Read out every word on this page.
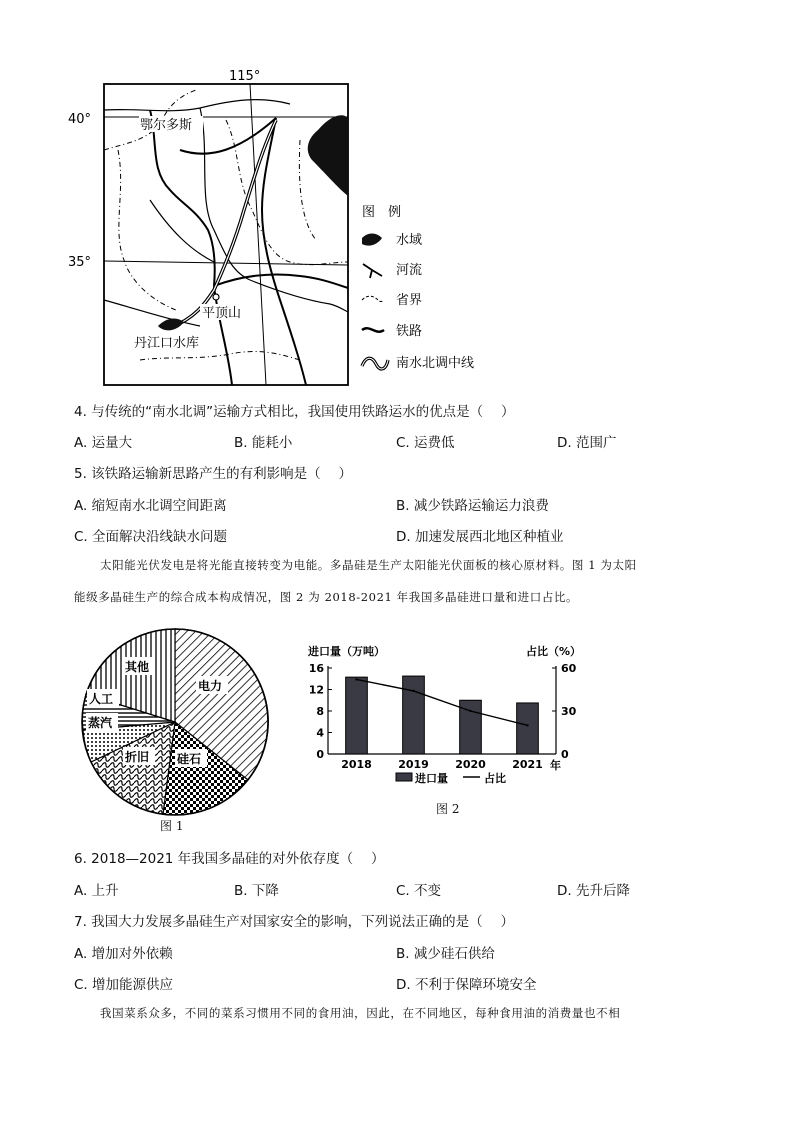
115°
40°
35°
鄂尔多斯
平顶山
丹江口水库
图　例
水域
河流
省界
铁路
南水北调中线
4. 与传统的“南水北调”运输方式相比，我国使用铁路运水的优点是（　 ）
A. 运量大	B. 能耗小	C. 运费低	D. 范围广
5. 该铁路运输新思路产生的有利影响是（　 ）
A. 缩短南水北调空间距离	B. 减少铁路运输运力浪费
C. 全面解决沿线缺水问题	D. 加速发展西北地区种植业
太阳能光伏发电是将光能直接转变为电能。多晶硅是生产太阳能光伏面板的核心原材料。图 1 为太阳
能级多晶硅生产的综合成本构成情况，图 2 为 2018-2021 年我国多晶硅进口量和进口占比。
其他
电力
人工
蒸汽
折旧 硅石
图 1
进口量（万吨）	占比（%）
0
4
8
12
16
0
30
60
2018 2019 2020 2021 年
进口量	占比
图 2
6. 2018—2021 年我国多晶硅的对外依存度（　 ）
A. 上升	B. 下降	C. 不变	D. 先升后降
7. 我国大力发展多晶硅生产对国家安全的影响，下列说法正确的是（　 ）
A. 增加对外依赖	B. 减少硅石供给
C. 增加能源供应	D. 不利于保障环境安全
我国菜系众多，不同的菜系习惯用不同的食用油，因此，在不同地区，每种食用油的消费量也不相
